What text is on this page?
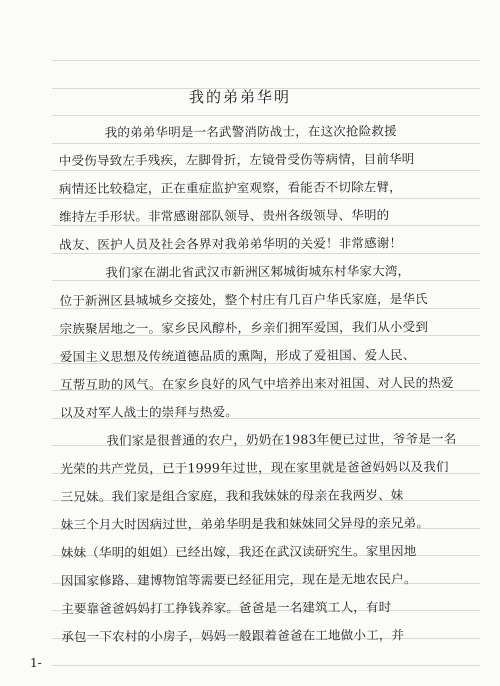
我的弟弟华明
我的弟弟华明是一名武警消防战士，在这次抢险救援
中受伤导致左手残疾，左脚骨折，左镜骨受伤等病情，目前华明
病情还比较稳定，正在重症监护室观察，看能否不切除左臂，
维持左手形状。非常感谢部队领导、贵州各级领导、华明的
战友、医护人员及社会各界对我弟弟华明的关爱！非常感谢！
我们家在湖北省武汉市新洲区邾城街城东村华家大湾，
位于新洲区县城城乡交接处，整个村庄有几百户华氏家庭，是华氏
宗族聚居地之一。家乡民风醇朴，乡亲们拥军爱国，我们从小受到
爱国主义思想及传统道德品质的熏陶，形成了爱祖国、爱人民、
互帮互助的风气。在家乡良好的风气中培养出来对祖国、对人民的热爱
以及对军人战士的崇拜与热爱。
我们家是很普通的农户，奶奶在1983年便已过世，爷爷是一名
光荣的共产党员，已于1999年过世，现在家里就是爸爸妈妈以及我们
三兄妹。我们家是组合家庭，我和我妹妹的母亲在我两岁、妹
妹三个月大时因病过世，弟弟华明是我和妹妹同父异母的亲兄弟。
妹妹（华明的姐姐）已经出嫁，我还在武汉读研究生。家里因地
因国家修路、建博物馆等需要已经征用完，现在是无地农民户。
主要靠爸爸妈妈打工挣钱养家。爸爸是一名建筑工人，有时
承包一下农村的小房子，妈妈一般跟着爸爸在工地做小工，并
1-
